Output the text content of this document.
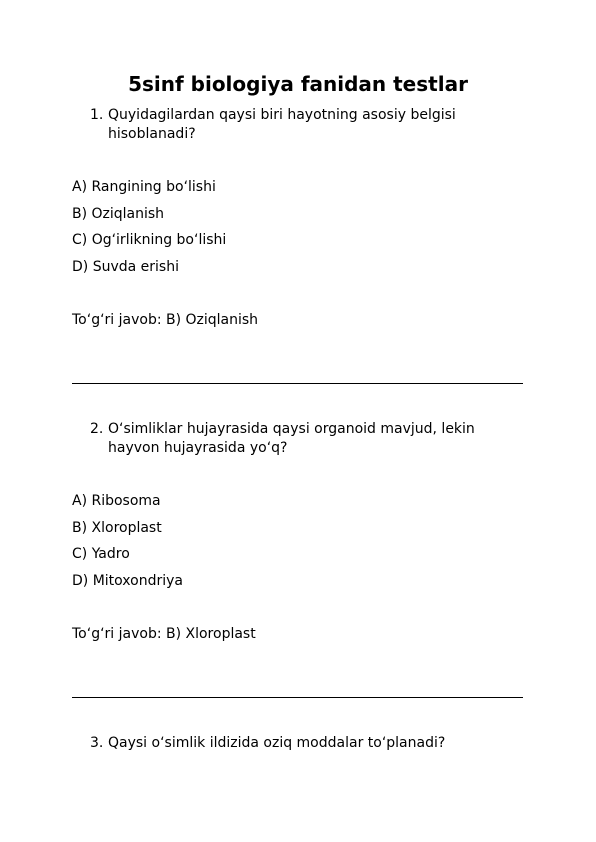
5sinf biologiya fanidan testlar
1. Quyidagilardan qaysi biri hayotning asosiy belgisi hisoblanadi?
A) Rangining bo‘lishi
B) Oziqlanish
C) Og‘irlikning bo‘lishi
D) Suvda erishi
To‘g‘ri javob: B) Oziqlanish
2. O‘simliklar hujayrasida qaysi organoid mavjud, lekin hayvon hujayrasida yo‘q?
A) Ribosoma
B) Xloroplast
C) Yadro
D) Mitoxondriya
To‘g‘ri javob: B) Xloroplast
3. Qaysi o‘simlik ildizida oziq moddalar to‘planadi?
